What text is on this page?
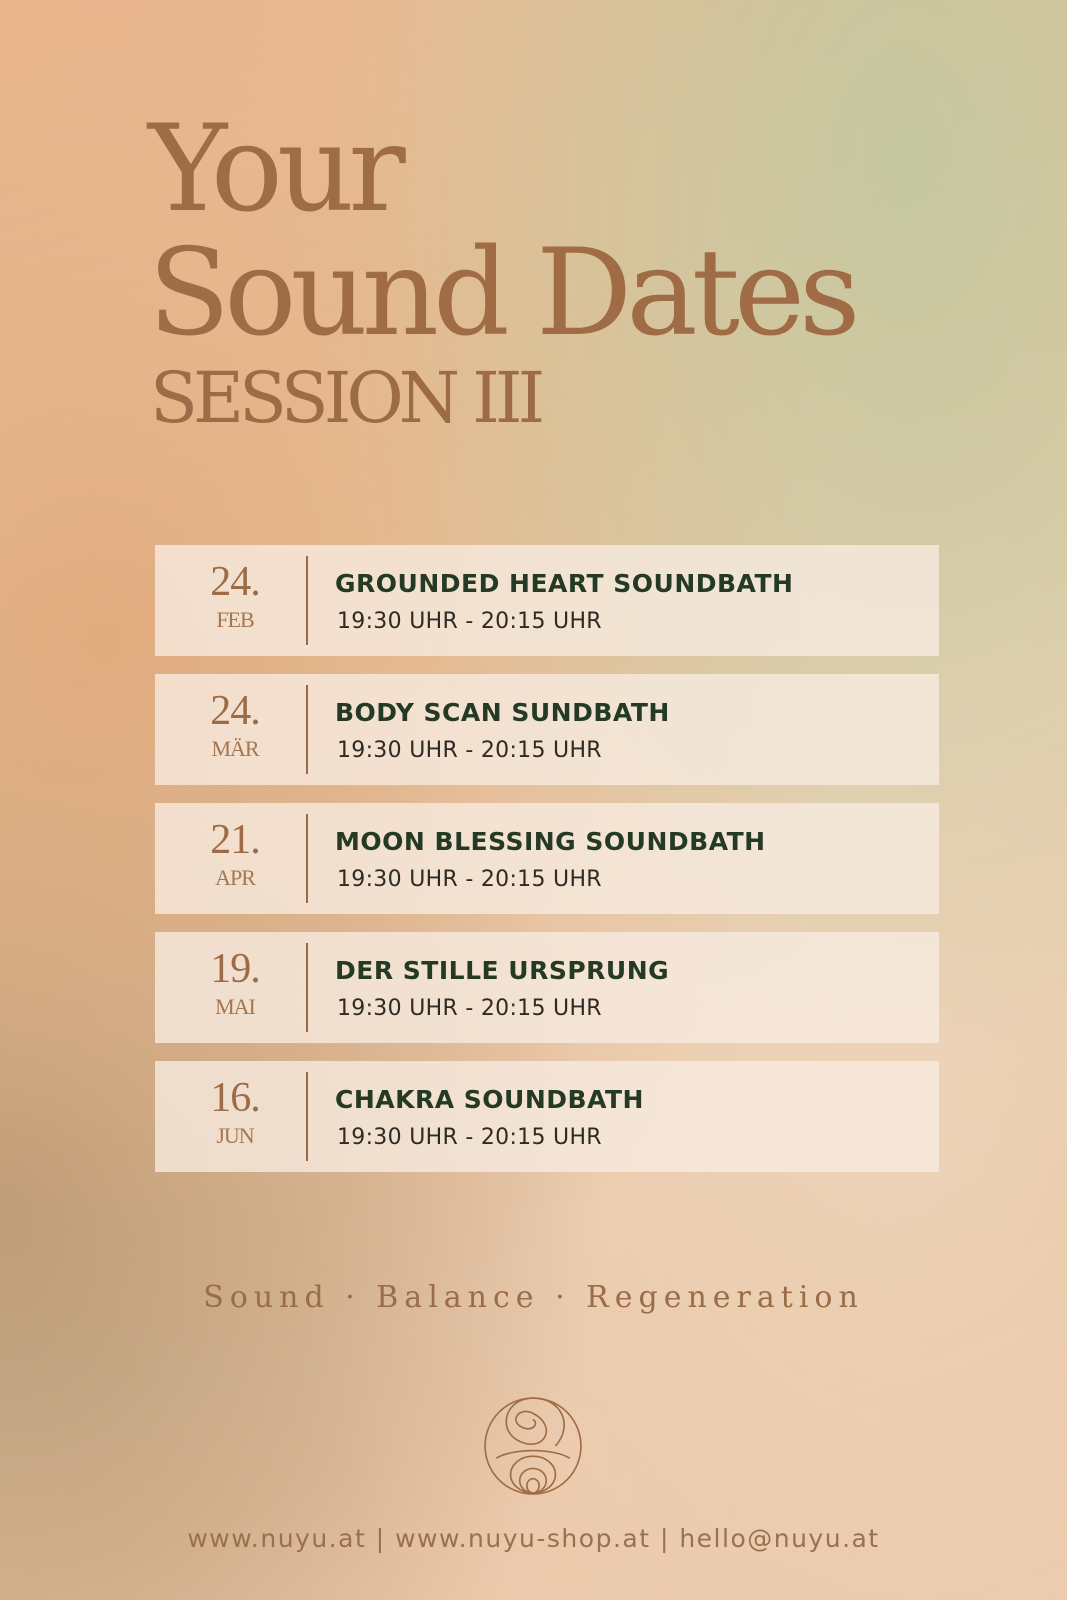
Your
Sound Dates
SESSION III
24.
FEB
GROUNDED HEART SOUNDBATH
19:30 UHR - 20:15 UHR
24.
MÄR
BODY SCAN SUNDBATH
19:30 UHR - 20:15 UHR
21.
APR
MOON BLESSING SOUNDBATH
19:30 UHR - 20:15 UHR
19.
MAI
DER STILLE URSPRUNG
19:30 UHR - 20:15 UHR
16.
JUN
CHAKRA SOUNDBATH
19:30 UHR - 20:15 UHR
Sound · Balance · Regeneration
www.nuyu.at | www.nuyu-shop.at | hello@nuyu.at
